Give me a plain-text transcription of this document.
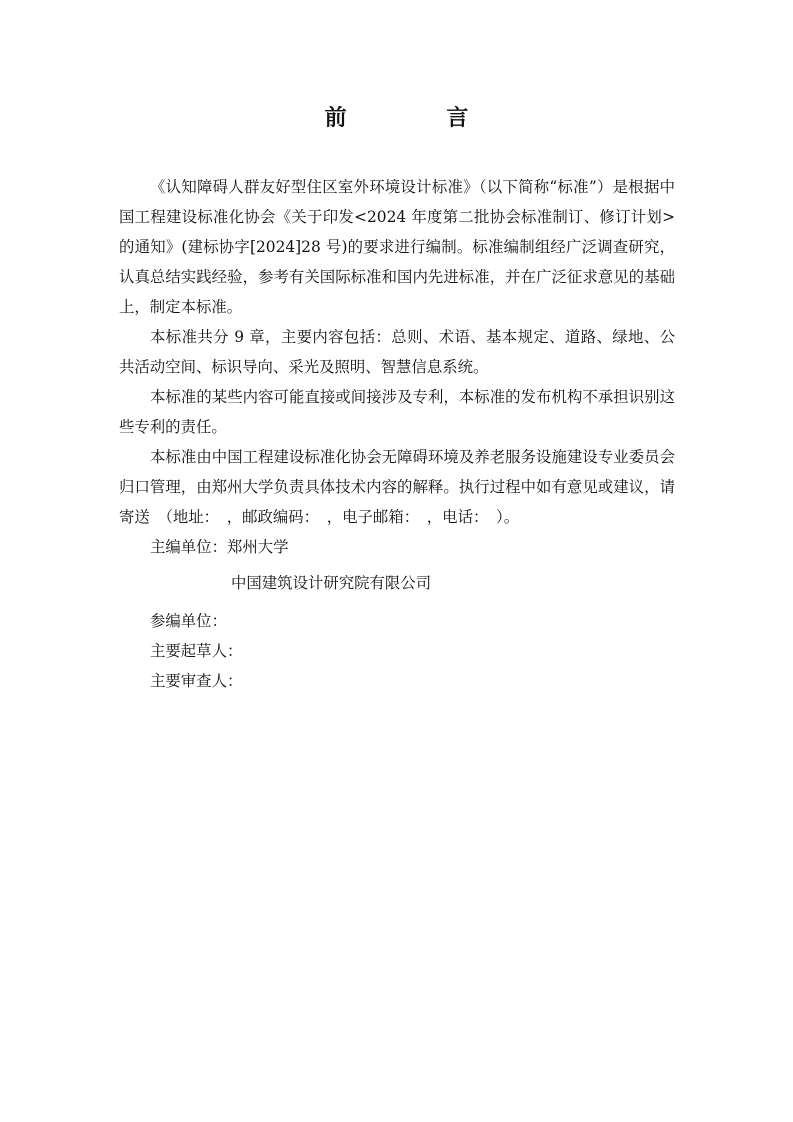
前 言

《认知障碍人群友好型住区室外环境设计标准》（以下简称“标准”）是根据中国工程建设标准化协会《关于印发<2024 年度第二批协会标准制订、修订计划>的通知》(建标协字[2024]28 号)的要求进行编制。标准编制组经广泛调查研究，认真总结实践经验，参考有关国际标准和国内先进标准，并在广泛征求意见的基础上，制定本标准。

本标准共分 9 章，主要内容包括：总则、术语、基本规定、道路、绿地、公共活动空间、标识导向、采光及照明、智慧信息系统。

本标准的某些内容可能直接或间接涉及专利，本标准的发布机构不承担识别这些专利的责任。

本标准由中国工程建设标准化协会无障碍环境及养老服务设施建设专业委员会归口管理，由郑州大学负责具体技术内容的解释。执行过程中如有意见或建议，请寄送　（地址：　，邮政编码：　，电子邮箱：　，电话：　）。

主编单位：郑州大学

中国建筑设计研究院有限公司

参编单位：

主要起草人：

主要审查人：
